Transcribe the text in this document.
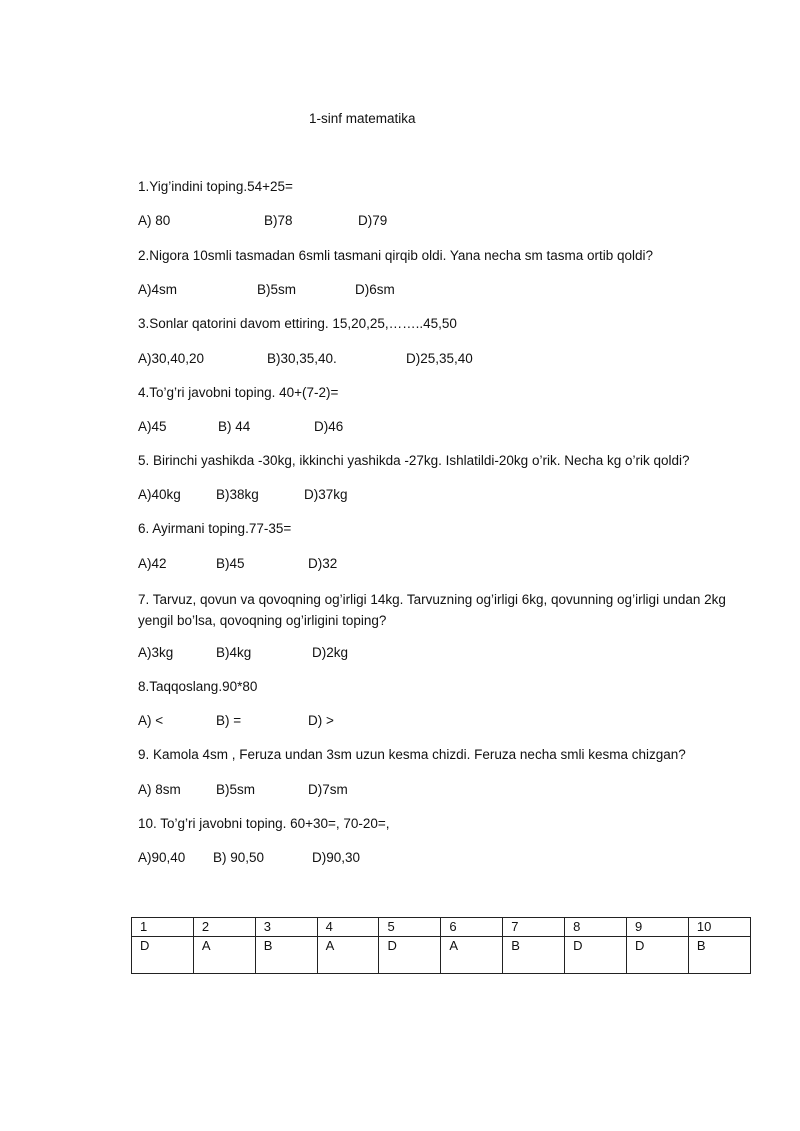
1-sinf matematika
1.Yig’indini toping.54+25=
A) 80	B)78	D)79
2.Nigora 10smli tasmadan 6smli tasmani qirqib oldi. Yana necha sm tasma ortib qoldi?
A)4sm	B)5sm	D)6sm
3.Sonlar qatorini davom ettiring. 15,20,25,……..45,50
A)30,40,20	B)30,35,40.	D)25,35,40
4.To’g’ri javobni toping. 40+(7-2)=
A)45	B) 44	D)46
5. Birinchi yashikda -30kg, ikkinchi yashikda -27kg. Ishlatildi-20kg o’rik. Necha kg o’rik qoldi?
A)40kg	B)38kg	D)37kg
6. Ayirmani toping.77-35=
A)42	B)45	D)32
7. Tarvuz, qovun va qovoqning og’irligi 14kg. Tarvuzning og’irligi 6kg, qovunning og’irligi undan 2kg yengil bo’lsa, qovoqning og’irligini toping?
A)3kg	B)4kg	D)2kg
8.Taqqoslang.90*80
A) <	B) =	D) >
9. Kamola 4sm , Feruza undan 3sm uzun kesma chizdi. Feruza necha smli kesma chizgan?
A) 8sm	B)5sm	D)7sm
10. To’g’ri javobni toping. 60+30=, 70-20=,
A)90,40 B) 90,50	D)90,30
1	2	3	4	5	6	7	8	9	10
D	A	B	A	D	A	B	D	D	B
